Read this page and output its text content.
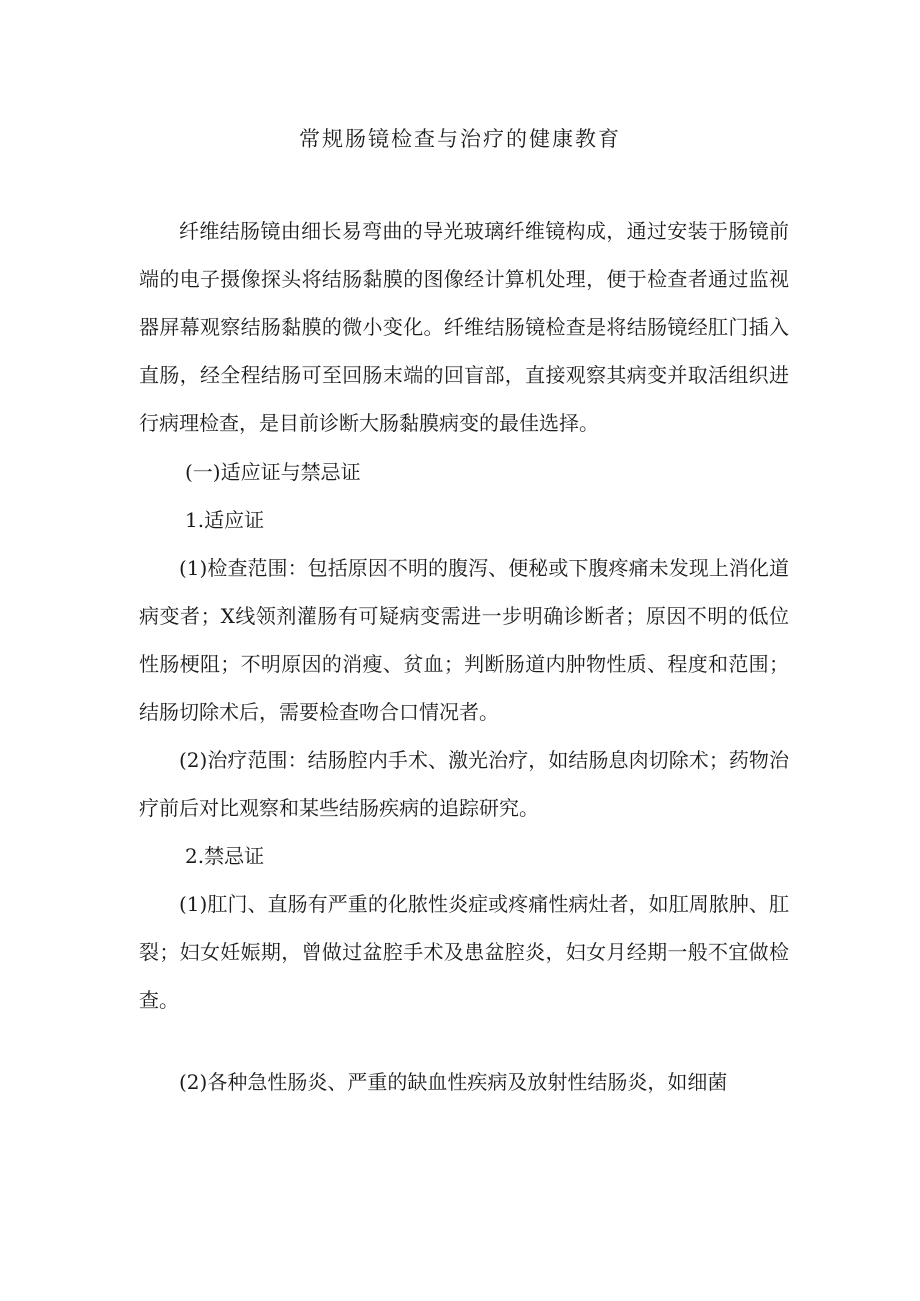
常规肠镜检查与治疗的健康教育

纤维结肠镜由细长易弯曲的导光玻璃纤维镜构成，通过安装于肠镜前端的电子摄像探头将结肠黏膜的图像经计算机处理，便于检查者通过监视器屏幕观察结肠黏膜的微小变化。纤维结肠镜检查是将结肠镜经肛门插入直肠，经全程结肠可至回肠末端的回盲部，直接观察其病变并取活组织进行病理检查，是目前诊断大肠黏膜病变的最佳选择。

(一)适应证与禁忌证

1.适应证

(1)检查范围：包括原因不明的腹泻、便秘或下腹疼痛未发现上消化道病变者；X线领剂灌肠有可疑病变需进一步明确诊断者；原因不明的低位性肠梗阻；不明原因的消瘦、贫血；判断肠道内肿物性质、程度和范围；结肠切除术后，需要检查吻合口情况者。

(2)治疗范围：结肠腔内手术、激光治疗，如结肠息肉切除术；药物治疗前后对比观察和某些结肠疾病的追踪研究。

2.禁忌证

(1)肛门、直肠有严重的化脓性炎症或疼痛性病灶者，如肛周脓肿、肛裂；妇女妊娠期，曾做过盆腔手术及患盆腔炎，妇女月经期一般不宜做检查。

(2)各种急性肠炎、严重的缺血性疾病及放射性结肠炎，如细菌
